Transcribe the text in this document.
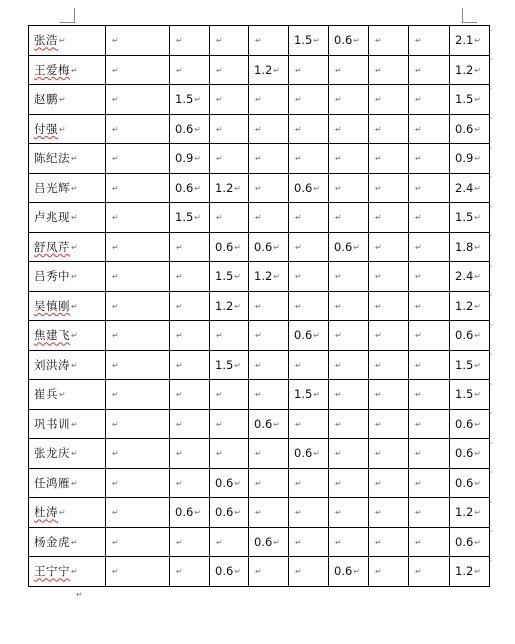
张浩↵	↵	↵	↵	↵	1.5↵	0.6↵	↵	↵	2.1↵
王爱梅↵	↵	↵	↵	1.2↵	↵	↵	↵	↵	1.2↵
赵鹏↵	↵	1.5↵	↵	↵	↵	↵	↵	↵	1.5↵
付强↵	↵	0.6↵	↵	↵	↵	↵	↵	↵	0.6↵
陈纪法↵	↵	0.9↵	↵	↵	↵	↵	↵	↵	0.9↵
吕光辉↵	↵	0.6↵	1.2↵	↵	0.6↵	↵	↵	↵	2.4↵
卢兆现↵	↵	1.5↵	↵	↵	↵	↵	↵	↵	1.5↵
舒凤芹↵	↵	↵	0.6↵	0.6↵	↵	0.6↵	↵	↵	1.8↵
吕秀中↵	↵	↵	1.5↵	1.2↵	↵	↵	↵	↵	2.4↵
吴慎刚↵	↵	↵	1.2↵	↵	↵	↵	↵	↵	1.2↵
焦建飞↵	↵	↵	↵	↵	0.6↵	↵	↵	↵	0.6↵
刘洪涛↵	↵	↵	1.5↵	↵	↵	↵	↵	↵	1.5↵
崔兵↵	↵	↵	↵	↵	1.5↵	↵	↵	↵	1.5↵
巩书训↵	↵	↵	↵	0.6↵	↵	↵	↵	↵	0.6↵
张龙庆↵	↵	↵	↵	↵	0.6↵	↵	↵	↵	0.6↵
任鸿雁↵	↵	↵	0.6↵	↵	↵	↵	↵	↵	0.6↵
杜涛↵	↵	0.6↵	0.6↵	↵	↵	↵	↵	↵	1.2↵
杨金虎↵	↵	↵	↵	0.6↵	↵	↵	↵	↵	0.6↵
王宁宁↵	↵	↵	0.6↵	↵	↵	0.6↵	↵	↵	1.2↵
'
'
'
'
'
'
'
'
'
'
'
'
'
'
'
'
'
'
'
↵
